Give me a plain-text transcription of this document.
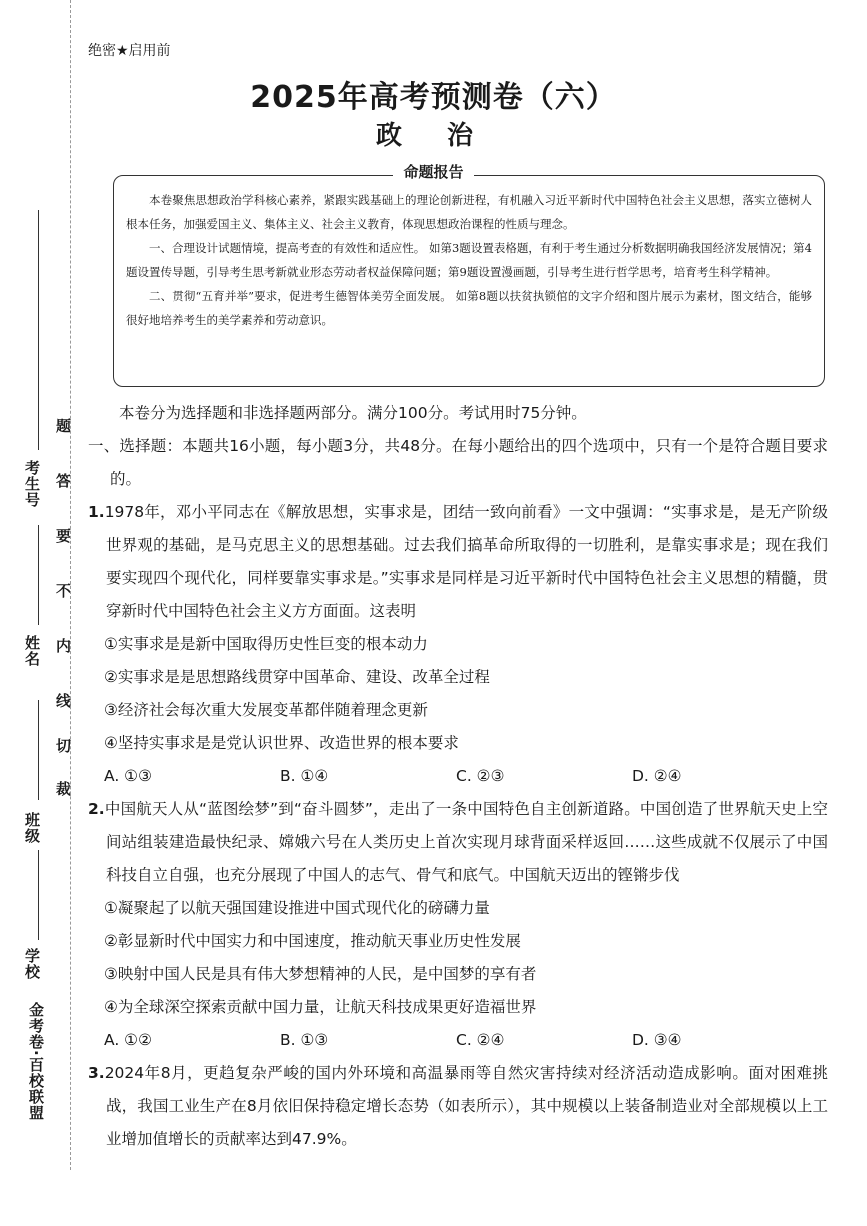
考生号
姓名
班级
学校
金考卷·百校联盟
题
答
要
不
内
线
切
裁
绝密★启用前
2025年高考预测卷（六）
政 治

本卷聚焦思想政治学科核心素养，紧跟实践基础上的理论创新进程，有机融入习近平新时代中国特色社会主义思想，落实立德树人根本任务，加强爱国主义、集体主义、社会主义教育，体现思想政治课程的性质与理念。

一、合理设计试题情境，提高考查的有效性和适应性。 如第3题设置表格题，有利于考生通过分析数据明确我国经济发展情况；第4题设置传导题，引导考生思考新就业形态劳动者权益保障问题；第9题设置漫画题，引导考生进行哲学思考，培育考生科学精神。

二、贯彻“五育并举”要求，促进考生德智体美劳全面发展。 如第8题以扶贫执锁倌的文字介绍和图片展示为素材，图文结合，能够很好地培养考生的美学素养和劳动意识。

命题报告

本卷分为选择题和非选择题两部分。满分100分。考试用时75分钟。

一、选择题：本题共16小题，每小题3分，共48分。在每小题给出的四个选项中，只有一个是符合题目要求的。

1.1978年，邓小平同志在《解放思想，实事求是，团结一致向前看》一文中强调：“实事求是，是无产阶级世界观的基础，是马克思主义的思想基础。过去我们搞革命所取得的一切胜利，是靠实事求是；现在我们要实现四个现代化，同样要靠实事求是。”实事求是同样是习近平新时代中国特色社会主义思想的精髓，贯穿新时代中国特色社会主义方方面面。这表明

①实事求是是新中国取得历史性巨变的根本动力

②实事求是是思想路线贯穿中国革命、建设、改革全过程

③经济社会每次重大发展变革都伴随着理念更新

④坚持实事求是是党认识世界、改造世界的根本要求

A. ①③	B. ①④	C. ②③	D. ②④

2.中国航天人从“蓝图绘梦”到“奋斗圆梦”，走出了一条中国特色自主创新道路。中国创造了世界航天史上空间站组装建造最快纪录、嫦娥六号在人类历史上首次实现月球背面采样返回……这些成就不仅展示了中国科技自立自强，也充分展现了中国人的志气、骨气和底气。中国航天迈出的铿锵步伐

①凝聚起了以航天强国建设推进中国式现代化的磅礴力量

②彰显新时代中国实力和中国速度，推动航天事业历史性发展

③映射中国人民是具有伟大梦想精神的人民，是中国梦的享有者

④为全球深空探索贡献中国力量，让航天科技成果更好造福世界

A. ①②	B. ①③	C. ②④	D. ③④

3.2024年8月，更趋复杂严峻的国内外环境和高温暴雨等自然灾害持续对经济活动造成影响。面对困难挑战，我国工业生产在8月依旧保持稳定增长态势（如表所示），其中规模以上装备制造业对全部规模以上工业增加值增长的贡献率达到47.9%。
